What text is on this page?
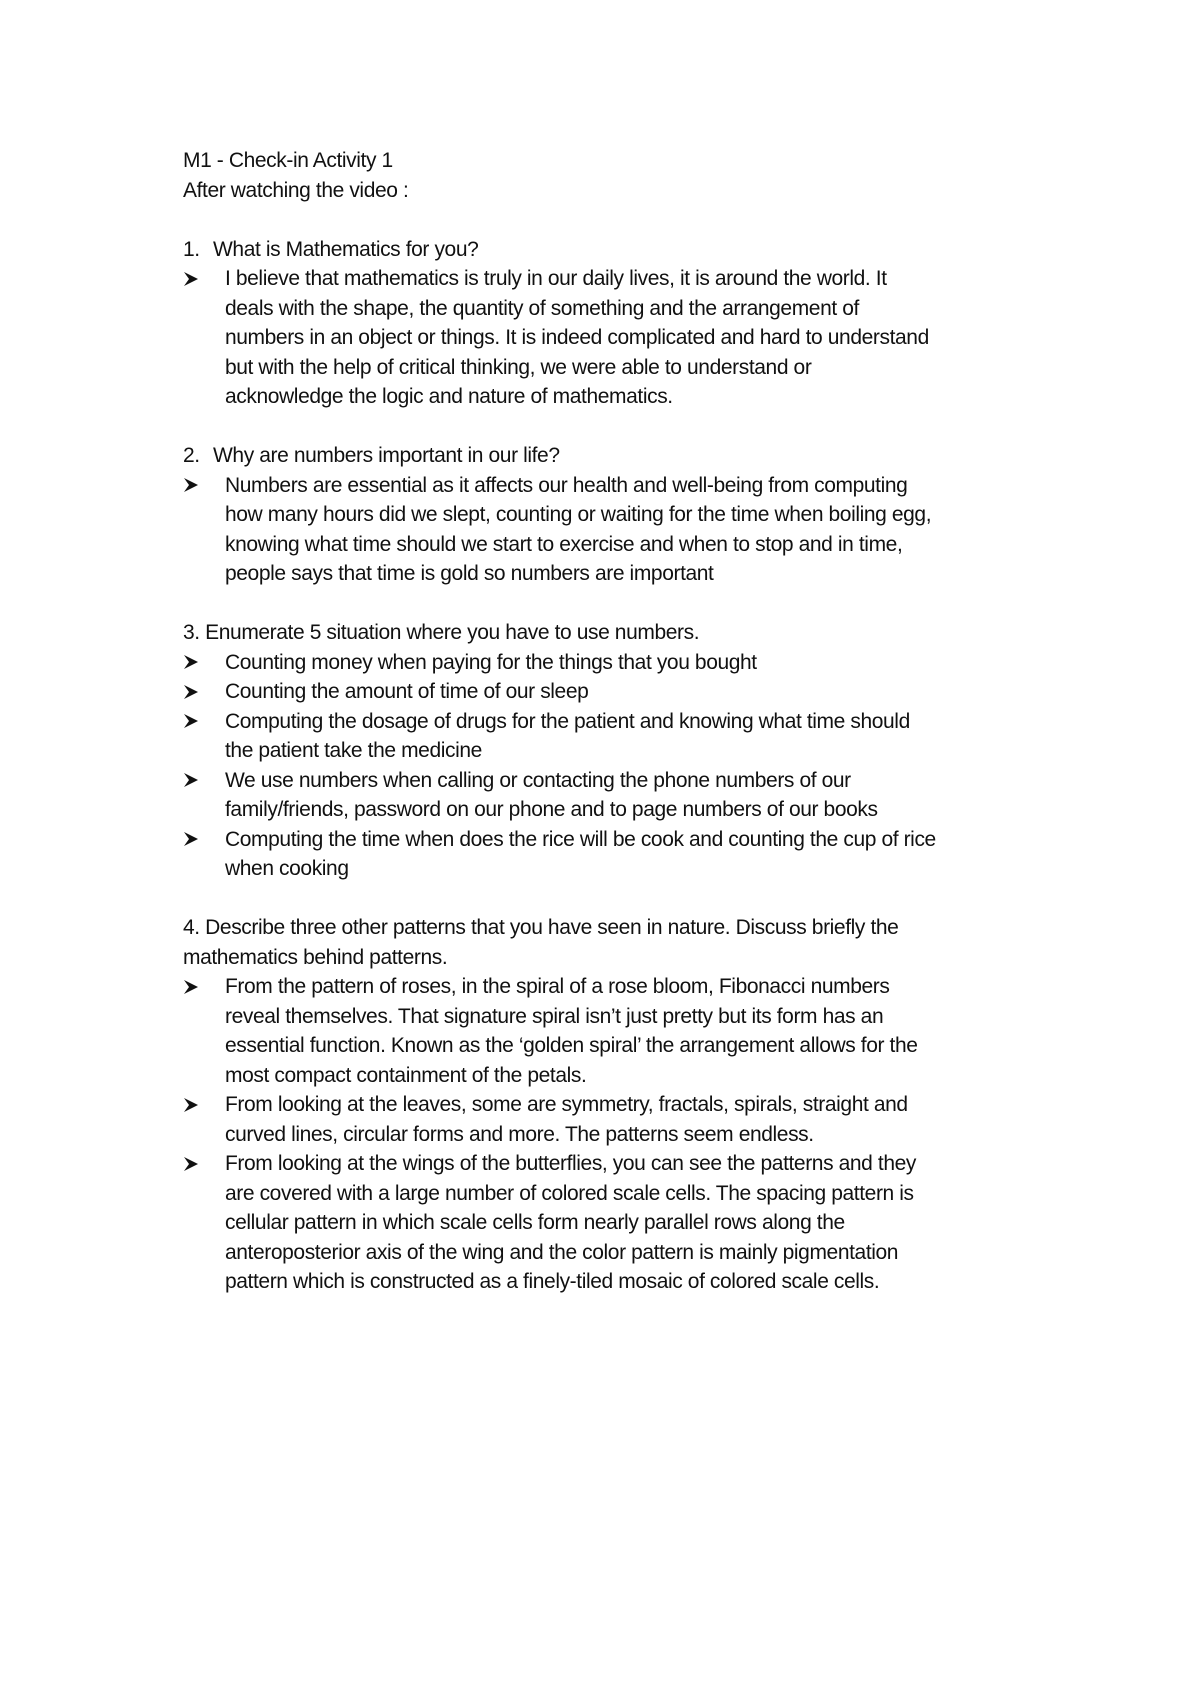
M1 - Check-in Activity 1
After watching the video :
1. What is Mathematics for you?
I believe that mathematics is truly in our daily lives, it is around the world. It
deals with the shape, the quantity of something and the arrangement of
numbers in an object or things. It is indeed complicated and hard to understand
but with the help of critical thinking, we were able to understand or
acknowledge the logic and nature of mathematics.
2. Why are numbers important in our life?
Numbers are essential as it affects our health and well-being from computing
how many hours did we slept, counting or waiting for the time when boiling egg,
knowing what time should we start to exercise and when to stop and in time,
people says that time is gold so numbers are important
3. Enumerate 5 situation where you have to use numbers.
Counting money when paying for the things that you bought
Counting the amount of time of our sleep
Computing the dosage of drugs for the patient and knowing what time should
the patient take the medicine
We use numbers when calling or contacting the phone numbers of our
family/friends, password on our phone and to page numbers of our books
Computing the time when does the rice will be cook and counting the cup of rice
when cooking
4. Describe three other patterns that you have seen in nature. Discuss briefly the
mathematics behind patterns.
From the pattern of roses, in the spiral of a rose bloom, Fibonacci numbers
reveal themselves. That signature spiral isn’t just pretty but its form has an
essential function. Known as the ‘golden spiral’ the arrangement allows for the
most compact containment of the petals.
From looking at the leaves, some are symmetry, fractals, spirals, straight and
curved lines, circular forms and more. The patterns seem endless.
From looking at the wings of the butterflies, you can see the patterns and they
are covered with a large number of colored scale cells. The spacing pattern is
cellular pattern in which scale cells form nearly parallel rows along the
anteroposterior axis of the wing and the color pattern is mainly pigmentation
pattern which is constructed as a finely-tiled mosaic of colored scale cells.
